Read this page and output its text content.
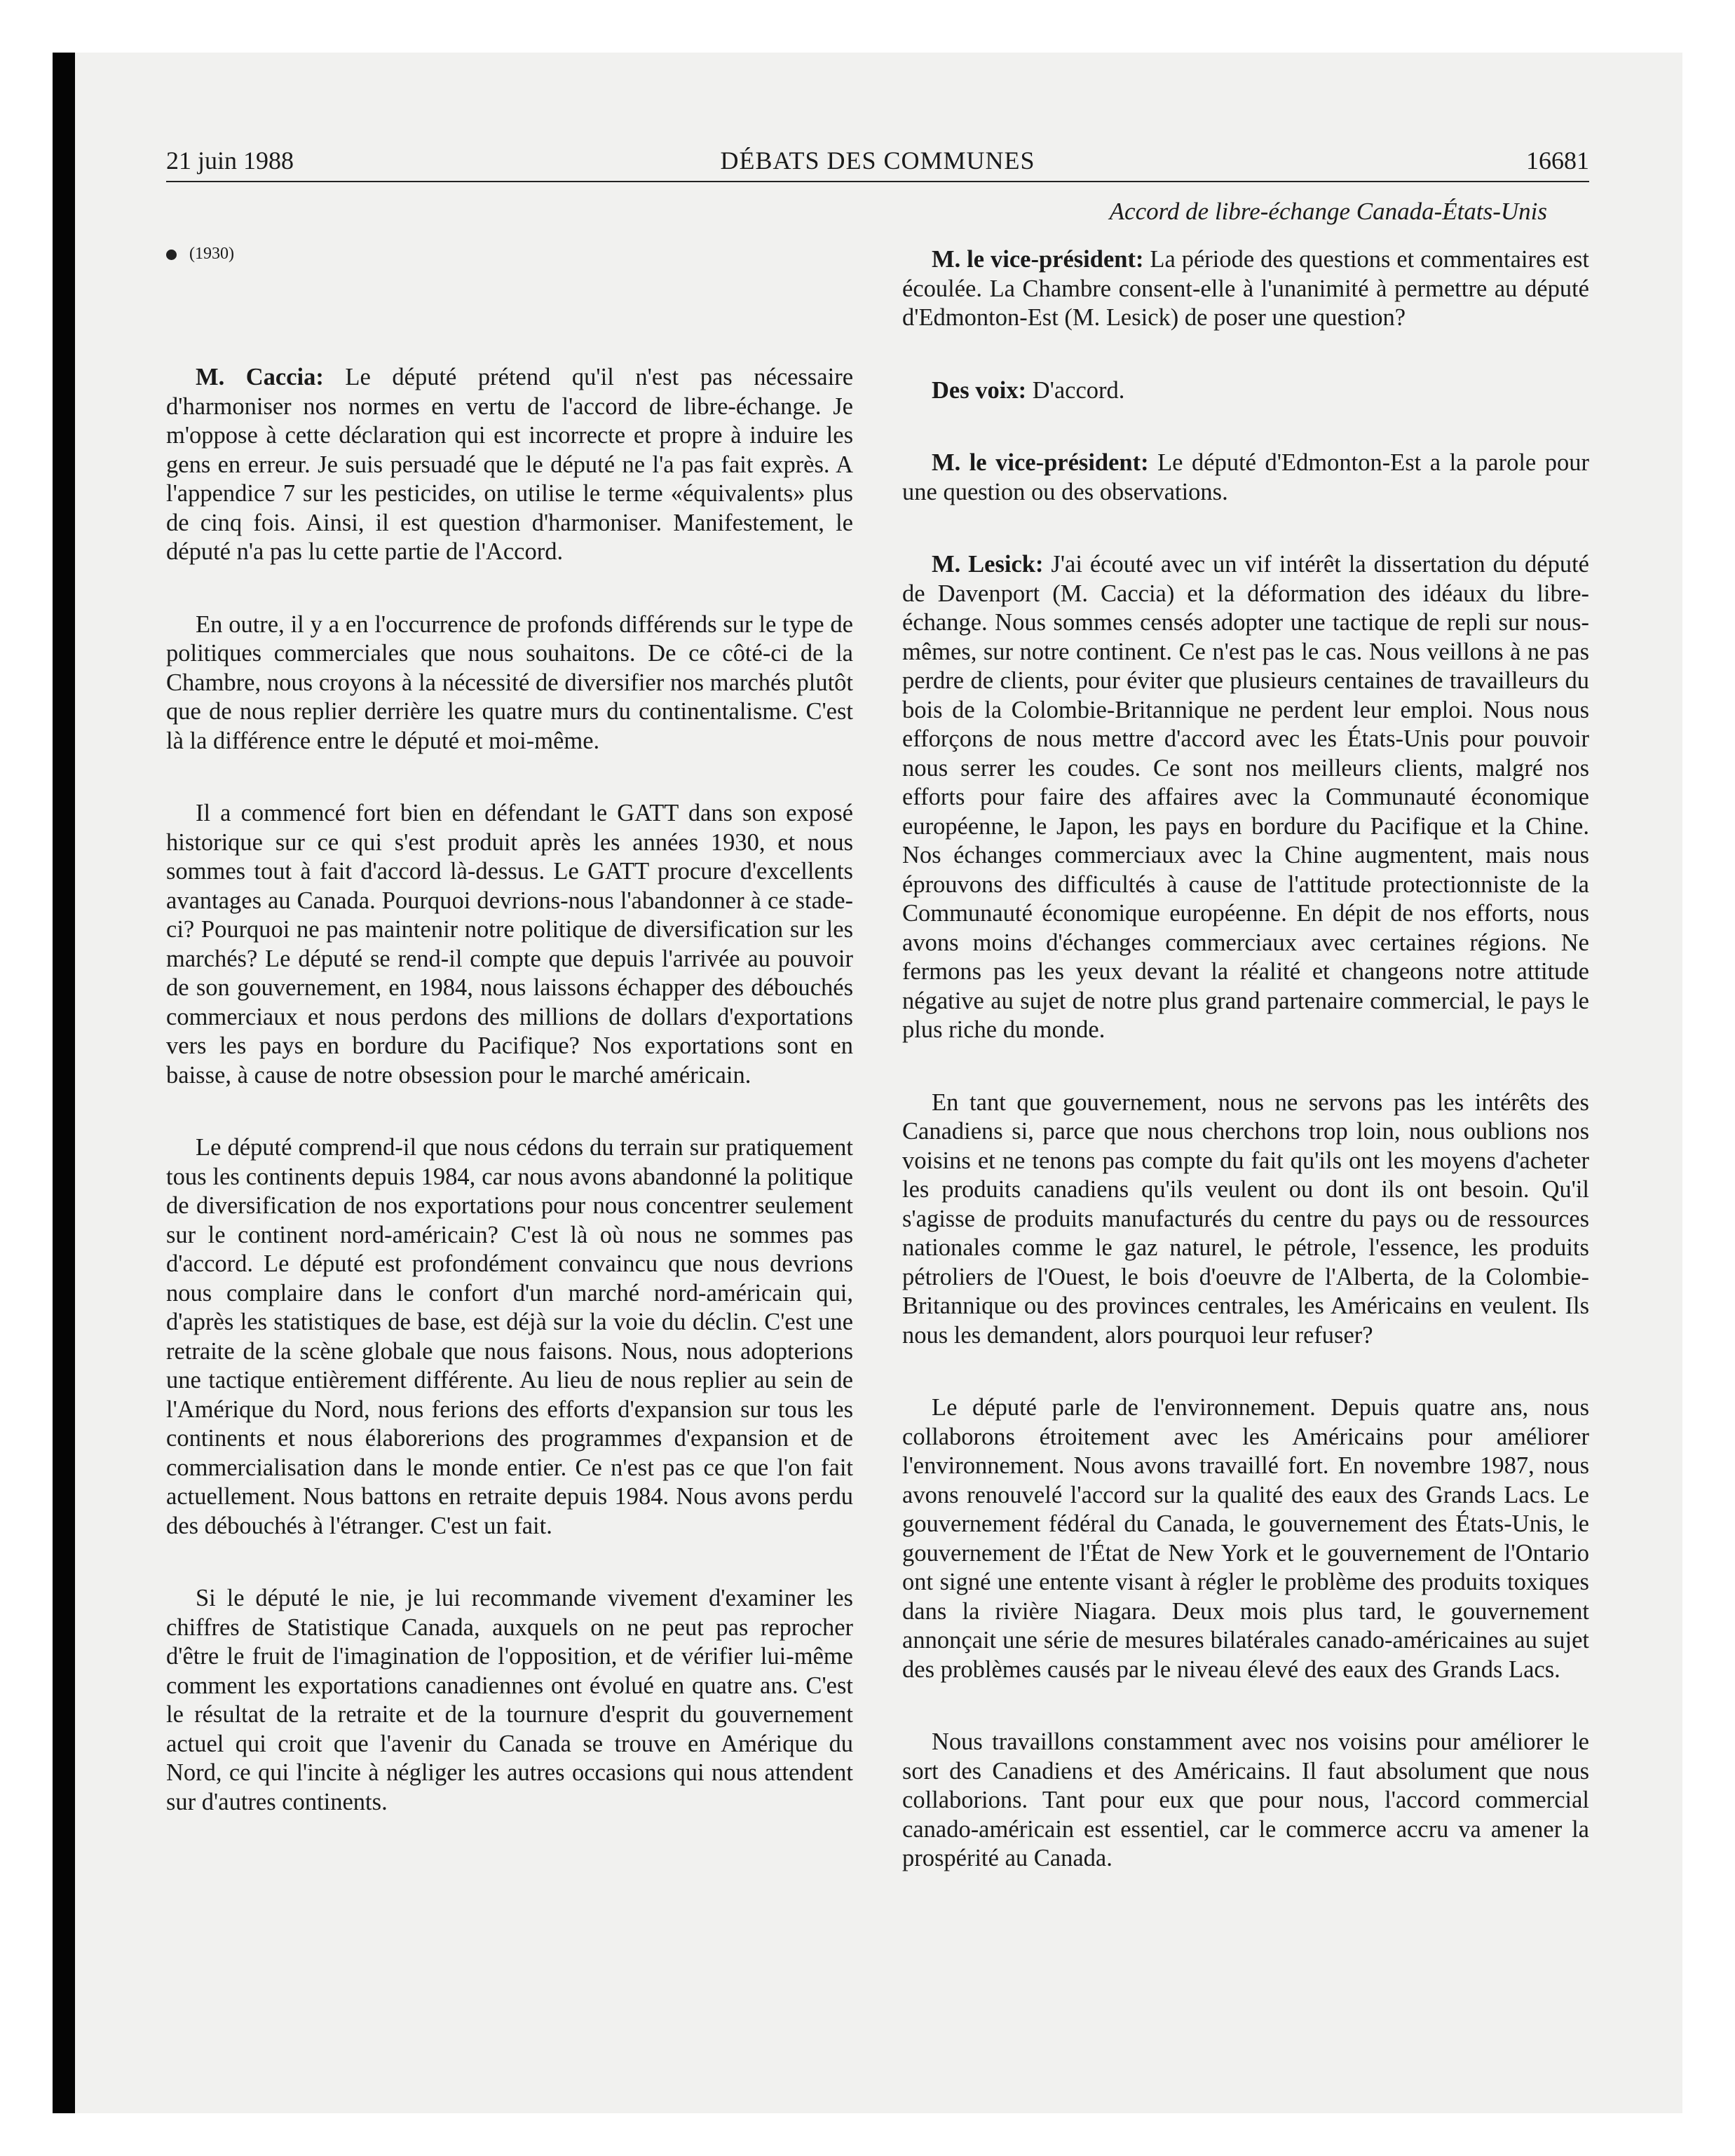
21 juin 1988	DÉBATS DES COMMUNES	16681
(1930)

M. Caccia: Le député prétend qu'il n'est pas nécessaire d'harmoniser nos normes en vertu de l'accord de libre-échange. Je m'oppose à cette déclaration qui est incorrecte et propre à induire les gens en erreur. Je suis persuadé que le député ne l'a pas fait exprès. A l'appendice 7 sur les pesticides, on utilise le terme «équivalents» plus de cinq fois. Ainsi, il est question d'harmoniser. Manifestement, le député n'a pas lu cette partie de l'Accord.

En outre, il y a en l'occurrence de profonds différends sur le type de politiques commerciales que nous souhaitons. De ce côté-ci de la Chambre, nous croyons à la nécessité de diversifier nos marchés plutôt que de nous replier derrière les quatre murs du continentalisme. C'est là la différence entre le député et moi-même.

Il a commencé fort bien en défendant le GATT dans son exposé historique sur ce qui s'est produit après les années 1930, et nous sommes tout à fait d'accord là-dessus. Le GATT procure d'excellents avantages au Canada. Pourquoi devrions-nous l'abandonner à ce stade-ci? Pourquoi ne pas maintenir notre politique de diversification sur les marchés? Le député se rend-il compte que depuis l'arrivée au pouvoir de son gouvernement, en 1984, nous laissons échapper des débouchés commerciaux et nous perdons des millions de dollars d'exportations vers les pays en bordure du Pacifique? Nos exportations sont en baisse, à cause de notre obsession pour le marché américain.

Le député comprend-il que nous cédons du terrain sur pratiquement tous les continents depuis 1984, car nous avons abandonné la politique de diversification de nos exportations pour nous concentrer seulement sur le continent nord-américain? C'est là où nous ne sommes pas d'accord. Le député est profondément convaincu que nous devrions nous complaire dans le confort d'un marché nord-américain qui, d'après les statistiques de base, est déjà sur la voie du déclin. C'est une retraite de la scène globale que nous faisons. Nous, nous adopterions une tactique entièrement différente. Au lieu de nous replier au sein de l'Amérique du Nord, nous ferions des efforts d'expansion sur tous les continents et nous élaborerions des programmes d'expansion et de commercialisation dans le monde entier. Ce n'est pas ce que l'on fait actuellement. Nous battons en retraite depuis 1984. Nous avons perdu des débouchés à l'étranger. C'est un fait.

Si le député le nie, je lui recommande vivement d'examiner les chiffres de Statistique Canada, auxquels on ne peut pas reprocher d'être le fruit de l'imagination de l'opposition, et de vérifier lui-même comment les exportations canadiennes ont évolué en quatre ans. C'est le résultat de la retraite et de la tournure d'esprit du gouvernement actuel qui croit que l'avenir du Canada se trouve en Amérique du Nord, ce qui l'incite à négliger les autres occasions qui nous attendent sur d'autres continents.

Accord de libre-échange Canada-États-Unis

M. le vice-président: La période des questions et commentaires est écoulée. La Chambre consent-elle à l'unanimité à permettre au député d'Edmonton-Est (M. Lesick) de poser une question?

Des voix: D'accord.

M. le vice-président: Le député d'Edmonton-Est a la parole pour une question ou des observations.

M. Lesick: J'ai écouté avec un vif intérêt la dissertation du député de Davenport (M. Caccia) et la déformation des idéaux du libre-échange. Nous sommes censés adopter une tactique de repli sur nous-mêmes, sur notre continent. Ce n'est pas le cas. Nous veillons à ne pas perdre de clients, pour éviter que plusieurs centaines de travailleurs du bois de la Colombie-Britannique ne perdent leur emploi. Nous nous efforçons de nous mettre d'accord avec les États-Unis pour pouvoir nous serrer les coudes. Ce sont nos meilleurs clients, malgré nos efforts pour faire des affaires avec la Communauté économique européenne, le Japon, les pays en bordure du Pacifique et la Chine. Nos échanges commerciaux avec la Chine augmentent, mais nous éprouvons des difficultés à cause de l'attitude protectionniste de la Communauté économique européenne. En dépit de nos efforts, nous avons moins d'échanges commerciaux avec certaines régions. Ne fermons pas les yeux devant la réalité et changeons notre attitude négative au sujet de notre plus grand partenaire commercial, le pays le plus riche du monde.

En tant que gouvernement, nous ne servons pas les intérêts des Canadiens si, parce que nous cherchons trop loin, nous oublions nos voisins et ne tenons pas compte du fait qu'ils ont les moyens d'acheter les produits canadiens qu'ils veulent ou dont ils ont besoin. Qu'il s'agisse de produits manufacturés du centre du pays ou de ressources nationales comme le gaz naturel, le pétrole, l'essence, les produits pétroliers de l'Ouest, le bois d'oeuvre de l'Alberta, de la Colombie-Britannique ou des provinces centrales, les Américains en veulent. Ils nous les demandent, alors pourquoi leur refuser?

Le député parle de l'environnement. Depuis quatre ans, nous collaborons étroitement avec les Américains pour améliorer l'environnement. Nous avons travaillé fort. En novembre 1987, nous avons renouvelé l'accord sur la qualité des eaux des Grands Lacs. Le gouvernement fédéral du Canada, le gouvernement des États-Unis, le gouvernement de l'État de New York et le gouvernement de l'Ontario ont signé une entente visant à régler le problème des produits toxiques dans la rivière Niagara. Deux mois plus tard, le gouvernement annonçait une série de mesures bilatérales canado-américaines au sujet des problèmes causés par le niveau élevé des eaux des Grands Lacs.

Nous travaillons constamment avec nos voisins pour améliorer le sort des Canadiens et des Américains. Il faut absolument que nous collaborions. Tant pour eux que pour nous, l'accord commercial canado-américain est essentiel, car le commerce accru va amener la prospérité au Canada.
